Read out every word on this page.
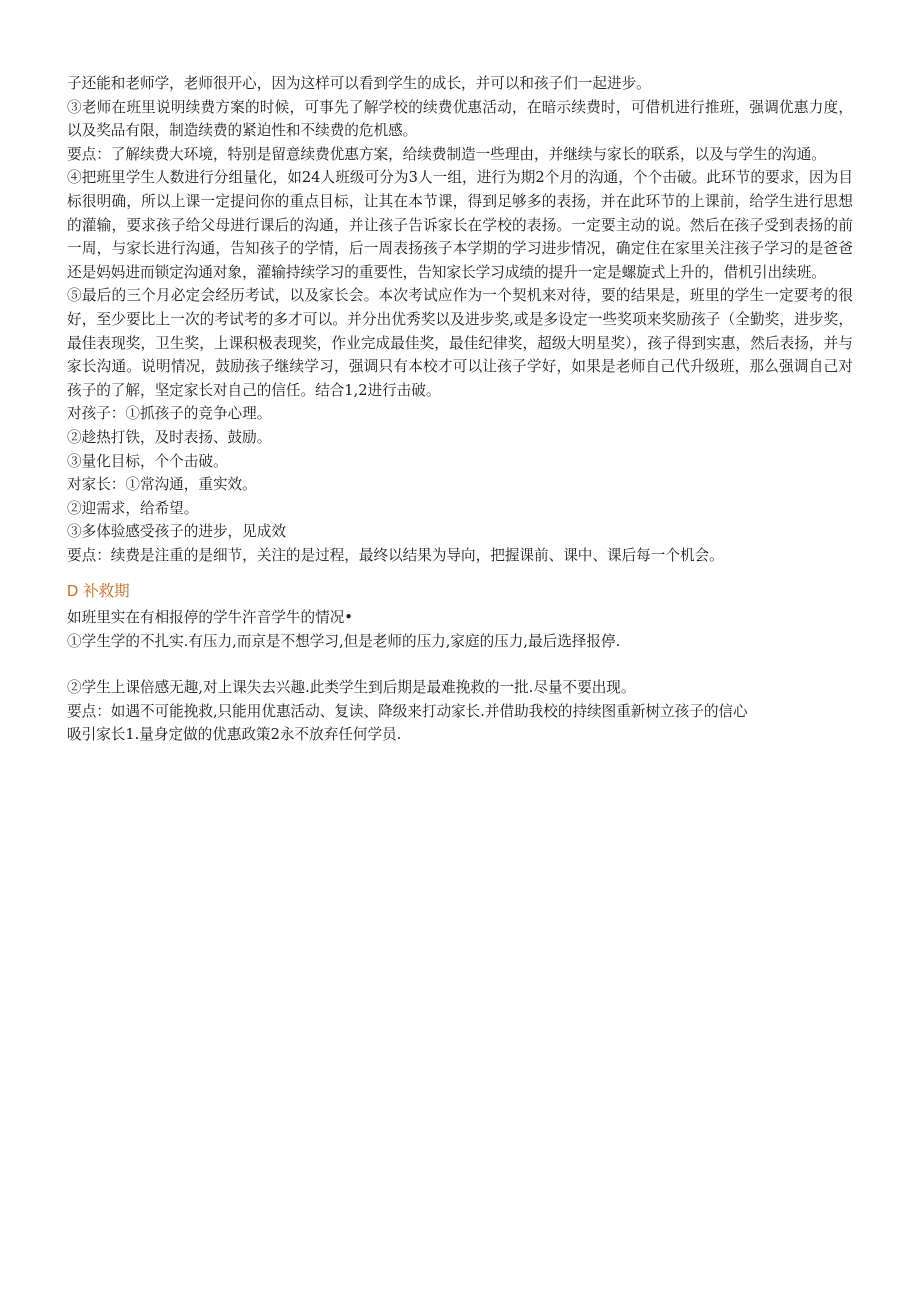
子还能和老师学，老师很开心，因为这样可以看到学生的成长，并可以和孩子们一起进步。

③老师在班里说明续费方案的时候，可事先了解学校的续费优惠活动，在暗示续费时，可借机进行推班，强调优惠力度，以及奖品有限，制造续费的紧迫性和不续费的危机感。

要点：了解续费大环境，特别是留意续费优惠方案，给续费制造一些理由，并继续与家长的联系，以及与学生的沟通。

④把班里学生人数进行分组量化，如24人班级可分为3人一组，进行为期2个月的沟通，个个击破。此环节的要求，因为目标很明确，所以上课一定提问你的重点目标，让其在本节课，得到足够多的表扬，并在此环节的上课前，给学生进行思想的灌输，要求孩子给父母进行课后的沟通，并让孩子告诉家长在学校的表扬。一定要主动的说。然后在孩子受到表扬的前一周，与家长进行沟通，告知孩子的学情，后一周表扬孩子本学期的学习进步情况，确定住在家里关注孩子学习的是爸爸还是妈妈进而锁定沟通对象，灌输持续学习的重要性，告知家长学习成绩的提升一定是螺旋式上升的，借机引出续班。

⑤最后的三个月必定会经历考试，以及家长会。本次考试应作为一个契机来对待，要的结果是，班里的学生一定要考的很好，至少要比上一次的考试考的多才可以。并分出优秀奖以及进步奖,或是多设定一些奖项来奖励孩子（全勤奖，进步奖，最佳表现奖，卫生奖，上课积极表现奖，作业完成最佳奖，最佳纪律奖，超级大明星奖），孩子得到实惠，然后表扬，并与家长沟通。说明情况，鼓励孩子继续学习，强调只有本校才可以让孩子学好，如果是老师自己代升级班，那么强调自己对孩子的了解，坚定家长对自己的信任。结合1,2进行击破。

对孩子：①抓孩子的竞争心理。

②趁热打铁，及时表扬、鼓励。

③量化目标，个个击破。

对家长：①常沟通，重实效。

②迎需求，给希望。

③多体验感受孩子的进步，见成效

要点：续费是注重的是细节，关注的是过程，最终以结果为导向，把握课前、课中、课后每一个机会。

D 补救期

如班里实在有相报停的学牛汻音学牛的情况•

①学生学的不扎实.有压力,而京是不想学习,但是老师的压力,家庭的压力,最后选择报停.

②学生上课倍感无趣,对上课失去兴趣.此类学生到后期是最难挽救的一批.尽量不要出现。

要点：如遇不可能挽救,只能用优惠活动、复读、降级来打动家长.并借助我校的持续图重新树立孩子的信心

吸引家长1.量身定做的优惠政策2永不放弃任何学员.
